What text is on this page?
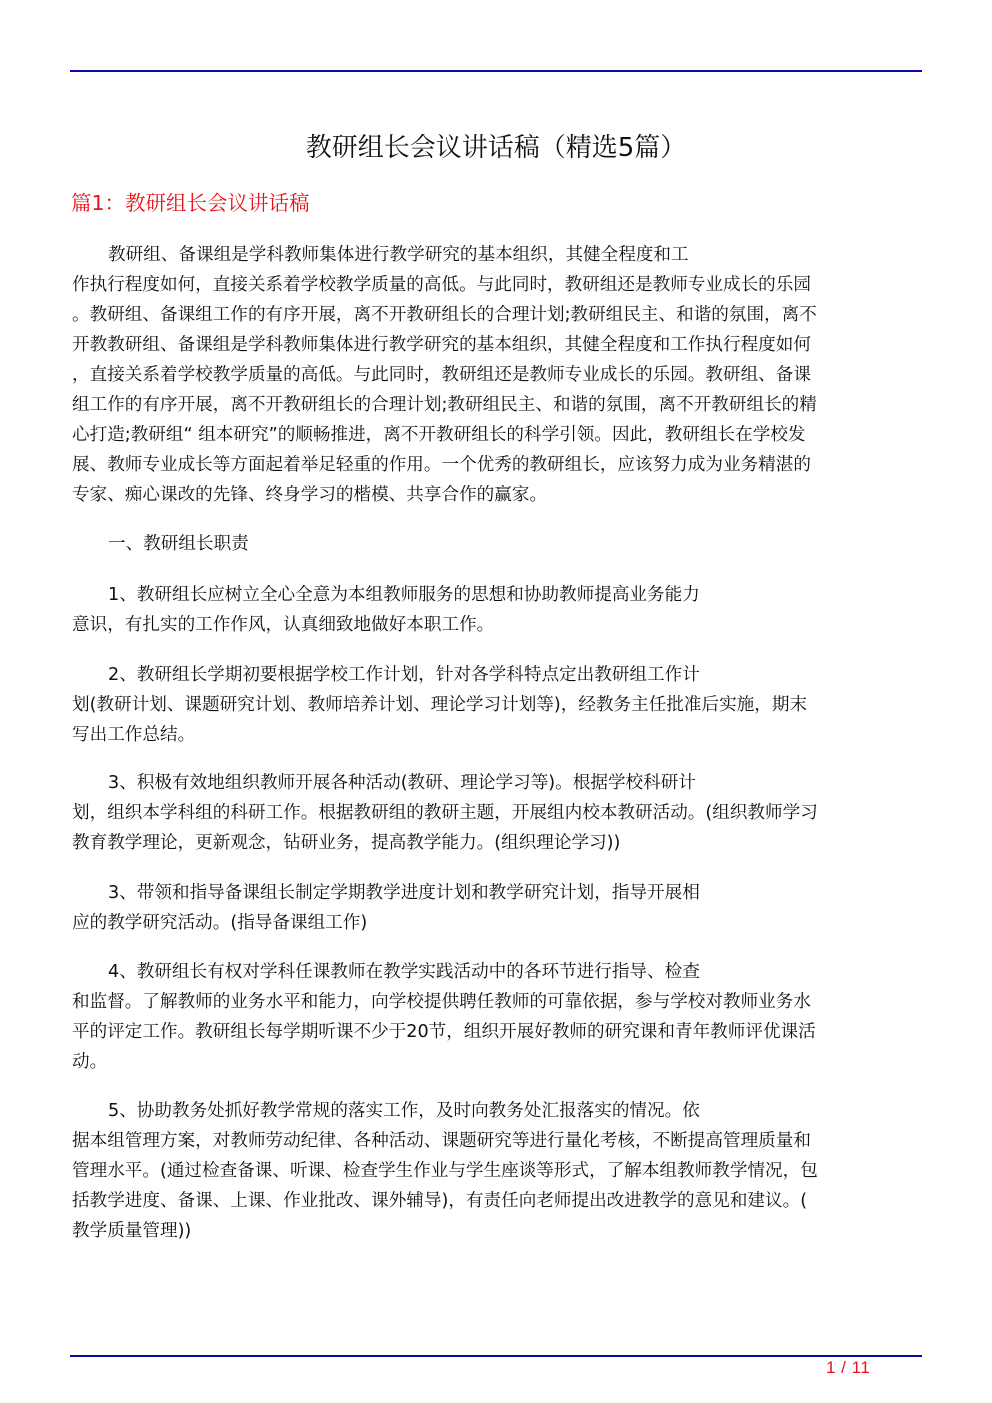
教研组长会议讲话稿（精选5篇）
篇1：教研组长会议讲话稿
教研组、备课组是学科教师集体进行教学研究的基本组织，其健全程度和工
作执行程度如何，直接关系着学校教学质量的高低。与此同时，教研组还是教师专业成长的乐园
。教研组、备课组工作的有序开展，离不开教研组长的合理计划;教研组民主、和谐的氛围，离不
开教教研组、备课组是学科教师集体进行教学研究的基本组织，其健全程度和工作执行程度如何
，直接关系着学校教学质量的高低。与此同时，教研组还是教师专业成长的乐园。教研组、备课
组工作的有序开展，离不开教研组长的合理计划;教研组民主、和谐的氛围，离不开教研组长的精
心打造;教研组“ 组本研究”的顺畅推进，离不开教研组长的科学引领。因此，教研组长在学校发
展、教师专业成长等方面起着举足轻重的作用。一个优秀的教研组长，应该努力成为业务精湛的
专家、痴心课改的先锋、终身学习的楷模、共享合作的赢家。
一、教研组长职责
1、教研组长应树立全心全意为本组教师服务的思想和协助教师提高业务能力
意识，有扎实的工作作风，认真细致地做好本职工作。
2、教研组长学期初要根据学校工作计划，针对各学科特点定出教研组工作计
划(教研计划、课题研究计划、教师培养计划、理论学习计划等)，经教务主任批准后实施，期末
写出工作总结。
3、积极有效地组织教师开展各种活动(教研、理论学习等)。根据学校科研计
划，组织本学科组的科研工作。根据教研组的教研主题，开展组内校本教研活动。(组织教师学习
教育教学理论，更新观念，钻研业务，提高教学能力。(组织理论学习))
3、带领和指导备课组长制定学期教学进度计划和教学研究计划，指导开展相
应的教学研究活动。(指导备课组工作)
4、教研组长有权对学科任课教师在教学实践活动中的各环节进行指导、检查
和监督。了解教师的业务水平和能力，向学校提供聘任教师的可靠依据，参与学校对教师业务水
平的评定工作。教研组长每学期听课不少于20节，组织开展好教师的研究课和青年教师评优课活
动。
5、协助教务处抓好教学常规的落实工作，及时向教务处汇报落实的情况。依
据本组管理方案，对教师劳动纪律、各种活动、课题研究等进行量化考核，不断提高管理质量和
管理水平。(通过检查备课、听课、检查学生作业与学生座谈等形式，了解本组教师教学情况，包
括教学进度、备课、上课、作业批改、课外辅导)，有责任向老师提出改进教学的意见和建议。(
教学质量管理))
1 / 11
